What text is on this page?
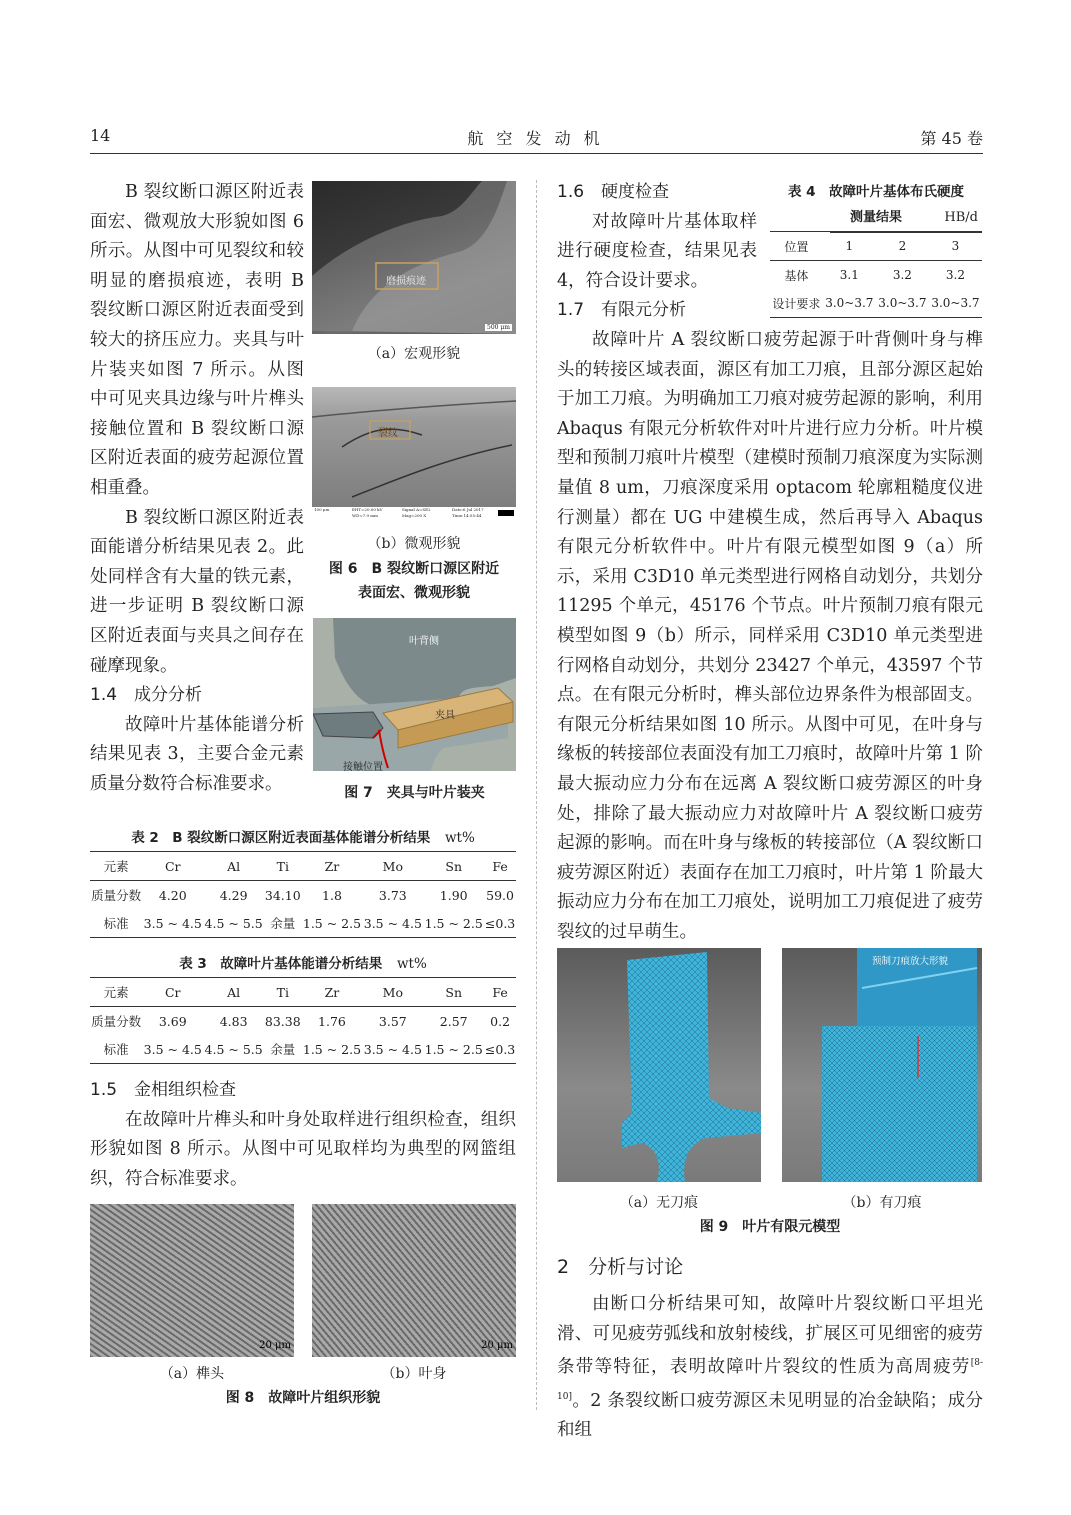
14	航 空 发 动 机	第 45 卷

B 裂纹断口源区附近表面宏、微观放大形貌如图 6 所示。从图中可见裂纹和较明显的磨损痕迹，表明 B 裂纹断口源区附近表面受到较大的挤压应力。夹具与叶片装夹如图 7 所示。从图中可见夹具边缘与叶片榫头接触位置和 B 裂纹断口源区附近表面的疲劳起源位置相重叠。

B 裂纹断口源区附近表面能谱分析结果见表 2。此处同样含有大量的铁元素，进一步证明 B 裂纹断口源区附近表面与夹具之间存在碰摩现象。

1.4　成分分析

故障叶片基体能谱分析结果见表 3，主要合金元素质量分数符合标准要求。

磨损痕迹
500 μm
（a）宏观形貌
裂纹
100 μm	EHT=20.00 kV WD=7.9 mm
Signal A=SE2 Mag=200 X
Date:6 Jul 2017 Time:14:55:44
（b）微观形貌
图 6　B 裂纹断口源区附近
表面宏、微观形貌
叶背侧
夹具
接触位置
图 7　夹具与叶片装夹
表 2　B 裂纹断口源区附近表面基体能谱分析结果 wt%
元素	Cr	Al	Ti	Zr	Mo	Sn	Fe
质量分数	4.20	4.29	34.10	1.8	3.73	1.90	59.0
标准	3.5 ~ 4.5	4.5 ~ 5.5	余量	1.5 ~ 2.5	3.5 ~ 4.5	1.5 ~ 2.5	≤0.3
表 3　故障叶片基体能谱分析结果 wt%
元素	Cr	Al	Ti	Zr	Mo	Sn	Fe
质量分数	3.69	4.83	83.38	1.76	3.57	2.57	0.2
标准	3.5 ~ 4.5	4.5 ~ 5.5	余量	1.5 ~ 2.5	3.5 ~ 4.5	1.5 ~ 2.5	≤0.3
1.5　金相组织检查

在故障叶片榫头和叶身处取样进行组织检查，组织形貌如图 8 所示。从图中可见取样均为典型的网篮组织，符合标准要求。

20 μm	20 μm
（a）榫头	（b）叶身
图 8　故障叶片组织形貌
1.6　硬度检查

对故障叶片基体取样进行硬度检查，结果见表 4，符合设计要求。

1.7　有限元分析
表 4　故障叶片基体布氏硬度
测量结果	HB/d
位置	1	2	3
基体	3.1	3.2	3.2
设计要求	3.0~3.7	3.0~3.7	3.0~3.7

故障叶片 A 裂纹断口疲劳起源于叶背侧叶身与榫头的转接区域表面，源区有加工刀痕，且部分源区起始于加工刀痕。为明确加工刀痕对疲劳起源的影响，利用 Abaqus 有限元分析软件对叶片进行应力分析。叶片模型和预制刀痕叶片模型（建模时预制刀痕深度为实际测量值 8 um，刀痕深度采用 optacom 轮廓粗糙度仪进行测量）都在 UG 中建模生成，然后再导入 Abaqus 有限元分析软件中。叶片有限元模型如图 9（a）所示，采用 C3D10 单元类型进行网格自动划分，共划分 11295 个单元，45176 个节点。叶片预制刀痕有限元模型如图 9（b）所示，同样采用 C3D10 单元类型进行网格自动划分，共划分 23427 个单元，43597 个节点。在有限元分析时，榫头部位边界条件为根部固支。有限元分析结果如图 10 所示。从图中可见，在叶身与缘板的转接部位表面没有加工刀痕时，故障叶片第 1 阶最大振动应力分布在远离 A 裂纹断口疲劳源区的叶身处，排除了最大振动应力对故障叶片 A 裂纹断口疲劳起源的影响。而在叶身与缘板的转接部位（A 裂纹断口疲劳源区附近）表面存在加工刀痕时，叶片第 1 阶最大振动应力分布在加工刀痕处，说明加工刀痕促进了疲劳裂纹的过早萌生。

预制刀痕放大形貌
（a）无刀痕	（b）有刀痕
图 9　叶片有限元模型
2　分析与讨论

由断口分析结果可知，故障叶片裂纹断口平坦光滑、可见疲劳弧线和放射棱线，扩展区可见细密的疲劳条带等特征，表明故障叶片裂纹的性质为高周疲劳[8-10]。2 条裂纹断口疲劳源区未见明显的冶金缺陷；成分和组
